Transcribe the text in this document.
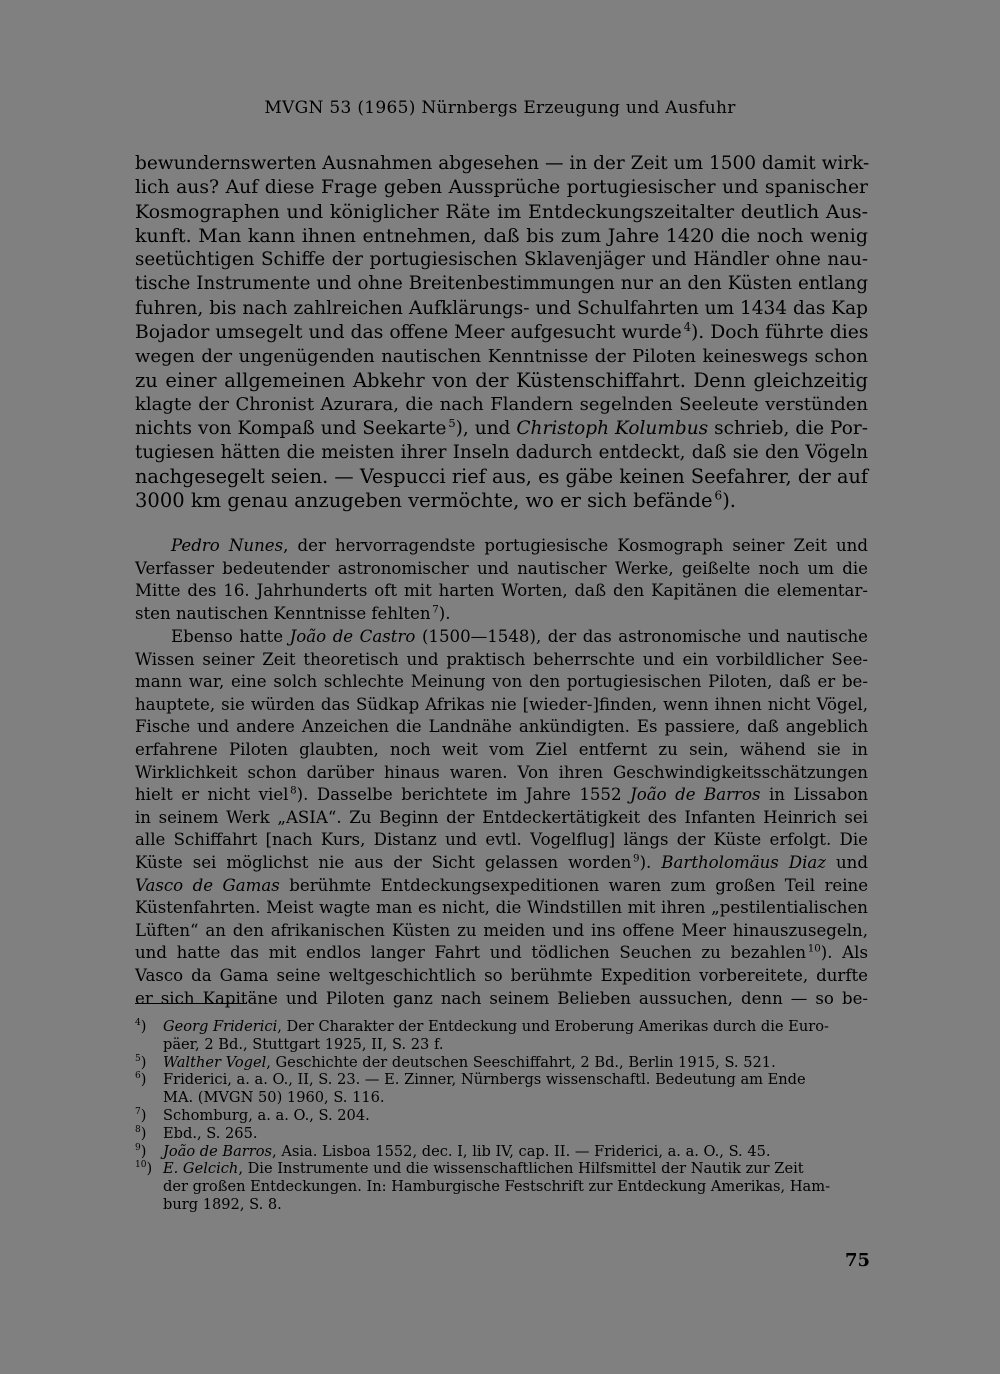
MVGN 53 (1965) Nürnbergs Erzeugung und Ausfuhr
bewundernswerten Ausnahmen abgesehen — in der Zeit um 1500 damit wirk-
lich aus? Auf diese Frage geben Aussprüche portugiesischer und spanischer
Kosmographen und königlicher Räte im Entdeckungszeitalter deutlich Aus-
kunft. Man kann ihnen entnehmen, daß bis zum Jahre 1420 die noch wenig
seetüchtigen Schiffe der portugiesischen Sklavenjäger und Händler ohne nau-
tische Instrumente und ohne Breitenbestimmungen nur an den Küsten entlang
fuhren, bis nach zahlreichen Aufklärungs- und Schulfahrten um 1434 das Kap
Bojador umsegelt und das offene Meer aufgesucht wurde  $^4$). Doch führte dies
wegen der ungenügenden nautischen Kenntnisse der Piloten keineswegs schon
zu einer allgemeinen Abkehr von der Küstenschiffahrt. Denn gleichzeitig
klagte der Chronist Azurara, die nach Flandern segelnden Seeleute verstünden
nichts von Kompaß und Seekarte  $^5$), und Christoph Kolumbus schrieb, die Por-
tugiesen hätten die meisten ihrer Inseln dadurch entdeckt, daß sie den Vögeln
nachgesegelt seien. — Vespucci rief aus, es gäbe keinen Seefahrer, der auf
3000 km genau anzugeben vermöchte, wo er sich befände  $^6$).
Pedro Nunes, der hervorragendste portugiesische Kosmograph seiner Zeit und
Verfasser bedeutender astronomischer und nautischer Werke, geißelte noch um die
Mitte des 16. Jahrhunderts oft mit harten Worten, daß den Kapitänen die elementar-
sten nautischen Kenntnisse fehlten  $^7$).
Ebenso hatte João de Castro (1500—1548), der das astronomische und nautische
Wissen seiner Zeit theoretisch und praktisch beherrschte und ein vorbildlicher See-
mann war, eine solch schlechte Meinung von den portugiesischen Piloten, daß er be-
hauptete, sie würden das Südkap Afrikas nie [wieder-]finden, wenn ihnen nicht Vögel,
Fische und andere Anzeichen die Landnähe ankündigten. Es passiere, daß angeblich
erfahrene Piloten glaubten, noch weit vom Ziel entfernt zu sein, wähend sie in
Wirklichkeit schon darüber hinaus waren. Von ihren Geschwindigkeitsschätzungen
hielt er nicht viel  $^8$). Dasselbe berichtete im Jahre 1552 João de Barros in Lissabon
in seinem Werk „ASIA“. Zu Beginn der Entdeckertätigkeit des Infanten Heinrich sei
alle Schiffahrt [nach Kurs, Distanz und evtl. Vogelflug] längs der Küste erfolgt. Die
Küste sei möglichst nie aus der Sicht gelassen worden  $^9$). Bartholomäus Diaz und
Vasco de Gamas berühmte Entdeckungsexpeditionen waren zum großen Teil reine
Küstenfahrten. Meist wagte man es nicht, die Windstillen mit ihren „pestilentialischen
Lüften“ an den afrikanischen Küsten zu meiden und ins offene Meer hinauszusegeln,
und hatte das mit endlos langer Fahrt und tödlichen Seuchen zu bezahlen  $^{10}$). Als
Vasco da Gama seine weltgeschichtlich so berühmte Expedition vorbereitete, durfte
er sich Kapitäne und Piloten ganz nach seinem Belieben aussuchen, denn — so be-
$^4$) Georg Friderici, Der Charakter der Entdeckung und Eroberung Amerikas durch die Euro-
päer, 2 Bd., Stuttgart 1925, II, S. 23 f.
$^5$) Walther Vogel, Geschichte der deutschen Seeschiffahrt, 2 Bd., Berlin 1915, S. 521.
$^6$) Friderici, a. a. O., II, S. 23. — E. Zinner, Nürnbergs wissenschaftl. Bedeutung am Ende
MA. (MVGN 50) 1960, S. 116.
$^7$) Schomburg, a. a. O., S. 204.
$^8$) Ebd., S. 265.
$^9$) João de Barros, Asia. Lisboa 1552, dec. I, lib IV, cap. II. — Friderici, a. a. O., S. 45.
$^{10}$) E. Gelcich, Die Instrumente und die wissenschaftlichen Hilfsmittel der Nautik zur Zeit
der großen Entdeckungen. In: Hamburgische Festschrift zur Entdeckung Amerikas, Ham-
burg 1892, S. 8.
75
